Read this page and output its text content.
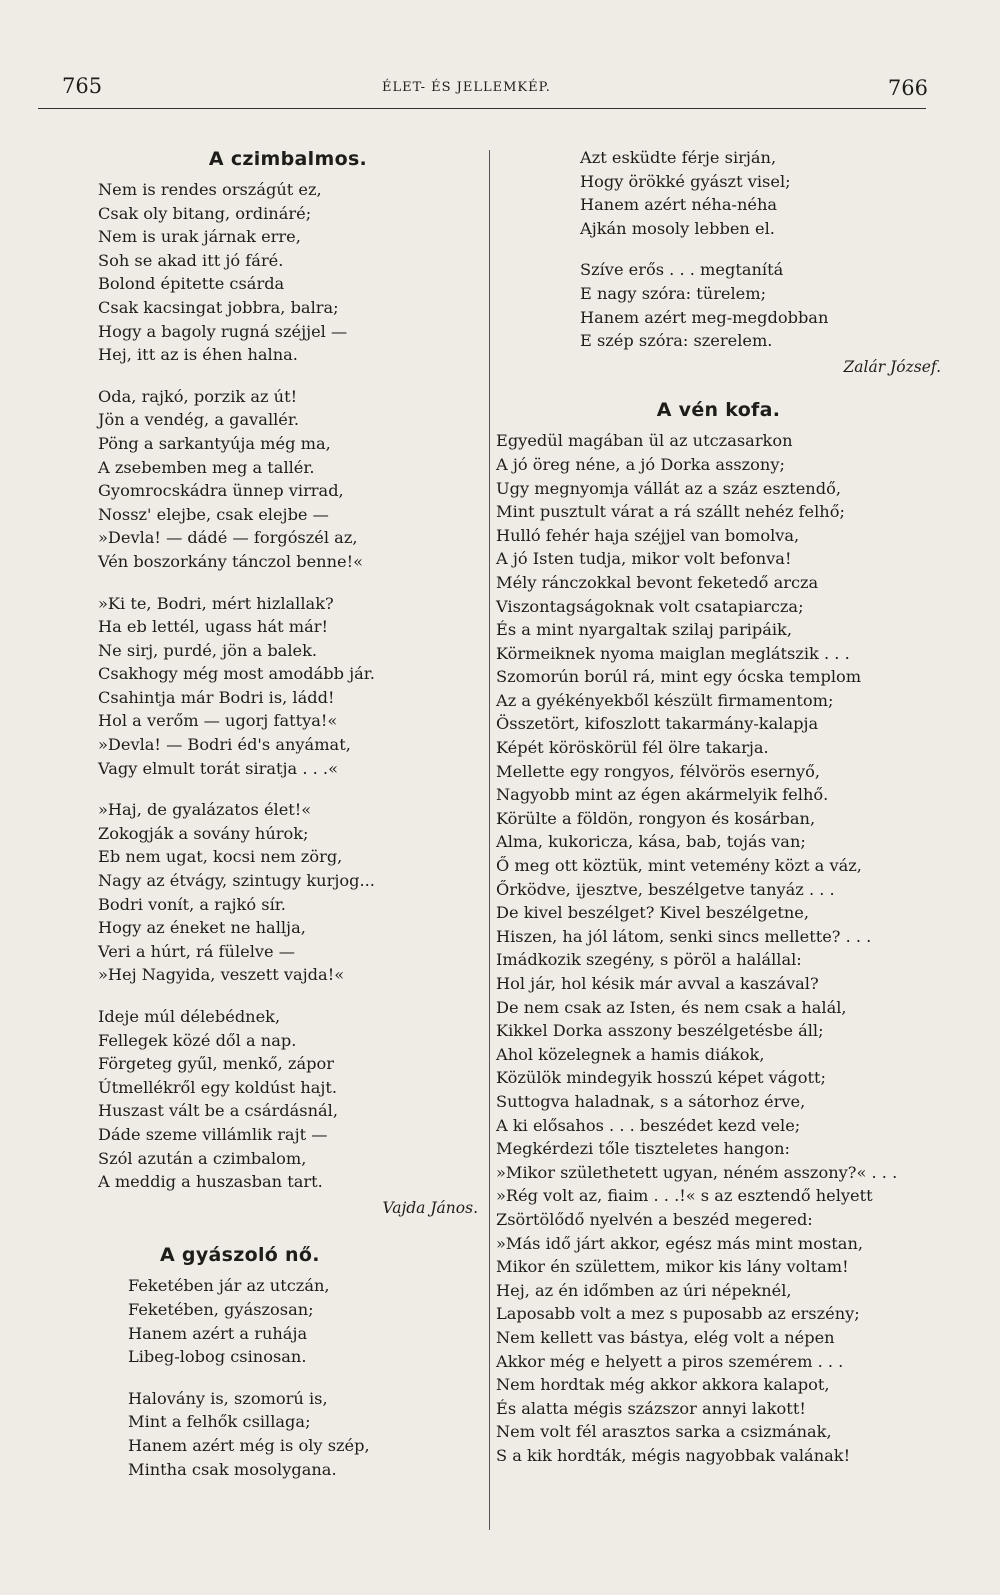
765	ÉLET- ÉS JELLEMKÉP.	766
A czimbalmos.
Nem is rendes országút ez,
Csak oly bitang, ordináré;
Nem is urak járnak erre,
Soh se akad itt jó fáré.
Bolond épitette csárda
Csak kacsingat jobbra, balra;
Hogy a bagoly rugná széjjel —
Hej, itt az is éhen halna.
Oda, rajkó, porzik az út!
Jön a vendég, a gavallér.
Pöng a sarkantyúja még ma,
A zsebemben meg a tallér.
Gyomrocskádra ünnep virrad,
Nossz' elejbe, csak elejbe —
»Devla! — dádé — forgószél az,
Vén boszorkány tánczol benne!«
»Ki te, Bodri, mért hizlallak?
Ha eb lettél, ugass hát már!
Ne sirj, purdé, jön a balek.
Csakhogy még most amodább jár.
Csahintja már Bodri is, ládd!
Hol a verőm — ugorj fattya!«
»Devla! — Bodri éd's anyámat,
Vagy elmult torát siratja . . .«
»Haj, de gyalázatos élet!«
Zokogják a sovány húrok;
Eb nem ugat, kocsi nem zörg,
Nagy az étvágy, szintugy kurjog...
Bodri vonít, a rajkó sír.
Hogy az éneket ne hallja,
Veri a húrt, rá fülelve —
»Hej Nagyida, veszett vajda!«
Ideje múl délebédnek,
Fellegek közé dől a nap.
Förgeteg gyűl, menkő, zápor
Útmellékről egy koldúst hajt.
Huszast vált be a csárdásnál,
Dáde szeme villámlik rajt —
Szól azután a czimbalom,
A meddig a huszasban tart.
Vajda János.
A gyászoló nő.
Feketében jár az utczán,
Feketében, gyászosan;
Hanem azért a ruhája
Libeg-lobog csinosan.
Halovány is, szomorú is,
Mint a felhők csillaga;
Hanem azért még is oly szép,
Mintha csak mosolygana.
Azt esküdte férje sirján,
Hogy örökké gyászt visel;
Hanem azért néha-néha
Ajkán mosoly lebben el.
Szíve erős . . . megtanítá
E nagy szóra: türelem;
Hanem azért meg-megdobban
E szép szóra: szerelem.
Zalár József.
A vén kofa.
Egyedül magában ül az utczasarkon
A jó öreg néne, a jó Dorka asszony;
Ugy megnyomja vállát az a száz esztendő,
Mint pusztult várat a rá szállt nehéz felhő;
Hulló fehér haja széjjel van bomolva,
A jó Isten tudja, mikor volt befonva!
Mély ránczokkal bevont feketedő arcza
Viszontagságoknak volt csatapiarcza;
És a mint nyargaltak szilaj paripáik,
Körmeiknek nyoma maiglan meglátszik . . .
Szomorún borúl rá, mint egy ócska templom
Az a gyékényekből készült firmamentom;
Összetört, kifoszlott takarmány-kalapja
Képét köröskörül fél ölre takarja.
Mellette egy rongyos, félvörös esernyő,
Nagyobb mint az égen akármelyik felhő.
Körülte a földön, rongyon és kosárban,
Alma, kukoricza, kása, bab, tojás van;
Ő meg ott köztük, mint vetemény közt a váz,
Őrködve, ijesztve, beszélgetve tanyáz . . .
De kivel beszélget? Kivel beszélgetne,
Hiszen, ha jól látom, senki sincs mellette? . . .
Imádkozik szegény, s pöröl a halállal:
Hol jár, hol késik már avval a kaszával?
De nem csak az Isten, és nem csak a halál,
Kikkel Dorka asszony beszélgetésbe áll;
Ahol közelegnek a hamis diákok,
Közülök mindegyik hosszú képet vágott;
Suttogva haladnak, s a sátorhoz érve,
A ki elősahos . . . beszédet kezd vele;
Megkérdezi tőle tiszteletes hangon:
»Mikor születhetett ugyan, néném asszony?« . . .
»Rég volt az, fiaim . . .!« s az esztendő helyett
Zsörtölődő nyelvén a beszéd megered:
»Más idő járt akkor, egész más mint mostan,
Mikor én születtem, mikor kis lány voltam!
Hej, az én időmben az úri népeknél,
Laposabb volt a mez s puposabb az erszény;
Nem kellett vas bástya, elég volt a népen
Akkor még e helyett a piros szemérem . . .
Nem hordtak még akkor akkora kalapot,
És alatta mégis százszor annyi lakott!
Nem volt fél arasztos sarka a csizmának,
S a kik hordták, mégis nagyobbak valának!
